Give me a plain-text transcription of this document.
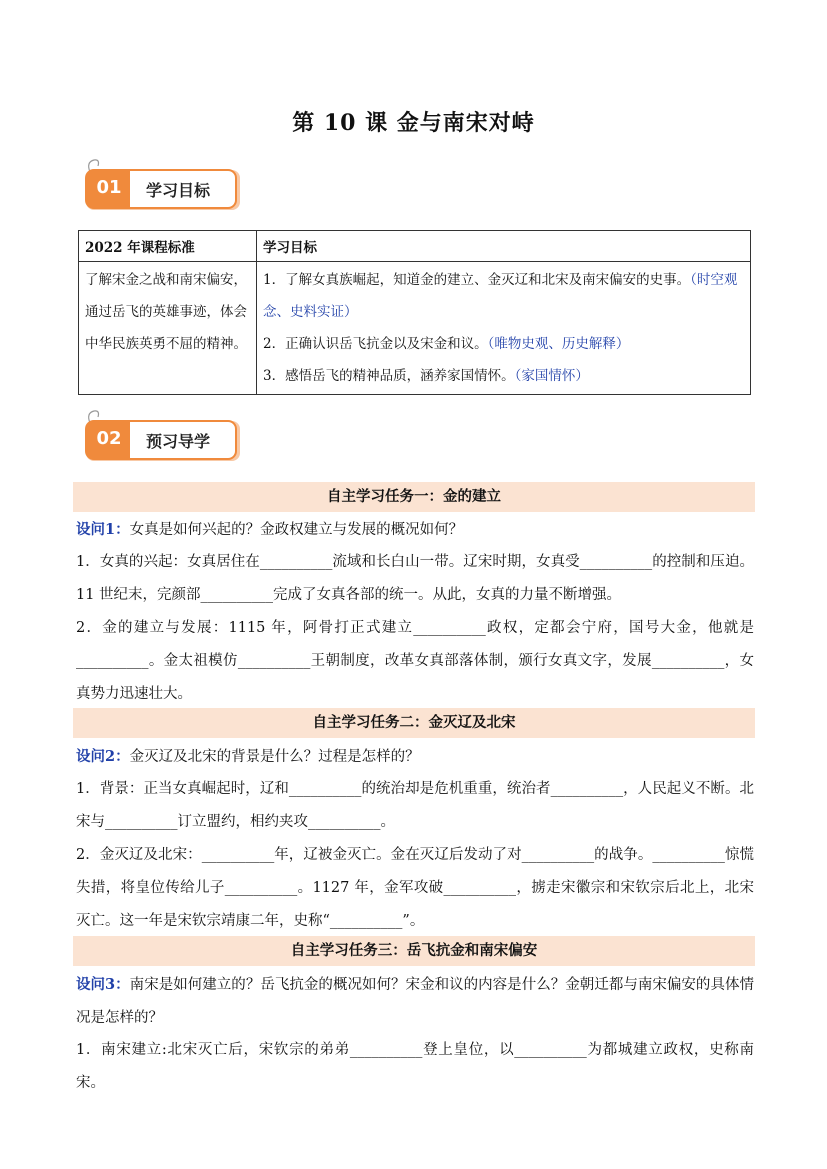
第 10 课 金与南宋对峙
01 学习目标
2022 年课程标准	学习目标
了解宋金之战和南宋偏安，通过岳飞的英雄事迹，体会中华民族英勇不屈的精神。	1．了解女真族崛起，知道金的建立、金灭辽和北宋及南宋偏安的史事。（时空观念、史料实证）
2．正确认识岳飞抗金以及宋金和议。（唯物史观、历史解释）
3．感悟岳飞的精神品质，涵养家国情怀。（家国情怀）
02 预习导学
自主学习任务一：金的建立
设问1：女真是如何兴起的？金政权建立与发展的概况如何？
1．女真的兴起：女真居住在__________流域和长白山一带。辽宋时期，女真受__________的控制和压迫。11 世纪末，完颜部__________完成了女真各部的统一。从此，女真的力量不断增强。
2．金的建立与发展：1115 年，阿骨打正式建立__________政权，定都会宁府，国号大金，他就是__________。金太祖模仿__________王朝制度，改革女真部落体制，颁行女真文字，发展__________，女真势力迅速壮大。
自主学习任务二：金灭辽及北宋
设问2：金灭辽及北宋的背景是什么？过程是怎样的？
1．背景：正当女真崛起时，辽和__________的统治却是危机重重，统治者__________，人民起义不断。北宋与__________订立盟约，相约夹攻__________。
2．金灭辽及北宋：__________年，辽被金灭亡。金在灭辽后发动了对__________的战争。__________惊慌失措，将皇位传给儿子__________。1127 年，金军攻破__________，掳走宋徽宗和宋钦宗后北上，北宋灭亡。这一年是宋钦宗靖康二年，史称“__________”。
自主学习任务三：岳飞抗金和南宋偏安
设问3：南宋是如何建立的？岳飞抗金的概况如何？宋金和议的内容是什么？金朝迁都与南宋偏安的具体情况是怎样的？
1．南宋建立:北宋灭亡后，宋钦宗的弟弟__________登上皇位，以__________为都城建立政权，史称南宋。
